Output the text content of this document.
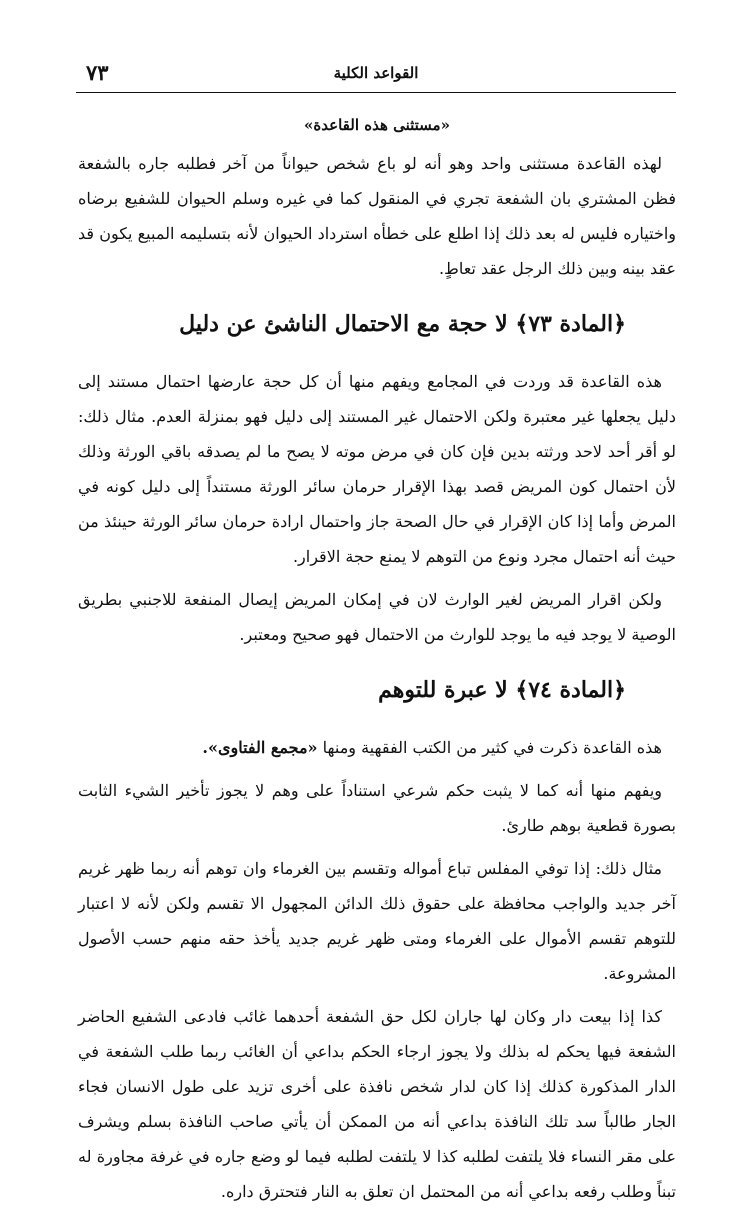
٧٣	القواعد الكلية
«مستثنى هذه القاعدة»

لهذه القاعدة مستثنى واحد وهو أنه لو باع شخص حيواناً من آخر فطلبه جاره بالشفعة فظن المشتري بان الشفعة تجري في المنقول كما في غيره وسلم الحيوان للشفيع برضاه واختياره فليس له بعد ذلك إذا اطلع على خطأه استرداد الحيوان لأنه بتسليمه المبيع يكون قد عقد بينه وبين ذلك الرجل عقد تعاطٍ.

﴿المادة ٧٣﴾ لا حجة مع الاحتمال الناشئ عن دليل

هذه القاعدة قد وردت في المجامع ويفهم منها أن كل حجة عارضها احتمال مستند إلى دليل يجعلها غير معتبرة ولكن الاحتمال غير المستند إلى دليل فهو بمنزلة العدم. مثال ذلك: لو أقر أحد لاحد ورثته بدين فإن كان في مرض موته لا يصح ما لم يصدقه باقي الورثة وذلك لأن احتمال كون المريض قصد بهذا الإقرار حرمان سائر الورثة مستنداً إلى دليل كونه في المرض وأما إذا كان الإقرار في حال الصحة جاز واحتمال ارادة حرمان سائر الورثة حينئذ من حيث أنه احتمال مجرد ونوع من التوهم لا يمنع حجة الاقرار.

ولكن اقرار المريض لغير الوارث لان في إمكان المريض إيصال المنفعة للاجنبي بطريق الوصية لا يوجد فيه ما يوجد للوارث من الاحتمال فهو صحيح ومعتبر.

﴿المادة ٧٤﴾ لا عبرة للتوهم

هذه القاعدة ذكرت في كثير من الكتب الفقهية ومنها «مجمع الفتاوى».

ويفهم منها أنه كما لا يثبت حكم شرعي استناداً على وهم لا يجوز تأخير الشيء الثابت بصورة قطعية بوهم طارئ.

مثال ذلك: إذا توفي المفلس تباع أمواله وتقسم بين الغرماء وان توهم أنه ربما ظهر غريم آخر جديد والواجب محافظة على حقوق ذلك الدائن المجهول الا تقسم ولكن لأنه لا اعتبار للتوهم تقسم الأموال على الغرماء ومتى ظهر غريم جديد يأخذ حقه منهم حسب الأصول المشروعة.

كذا إذا بيعت دار وكان لها جاران لكل حق الشفعة أحدهما غائب فادعى الشفيع الحاضر الشفعة فيها يحكم له بذلك ولا يجوز ارجاء الحكم بداعي أن الغائب ربما طلب الشفعة في الدار المذكورة كذلك إذا كان لدار شخص نافذة على أخرى تزيد على طول الانسان فجاء الجار طالباً سد تلك النافذة بداعي أنه من الممكن أن يأتي صاحب النافذة بسلم ويشرف على مقر النساء فلا يلتفت لطلبه كذا لا يلتفت لطلبه فيما لو وضع جاره في غرفة مجاورة له تبناً وطلب رفعه بداعي أنه من المحتمل ان تعلق به النار فتحترق داره.
